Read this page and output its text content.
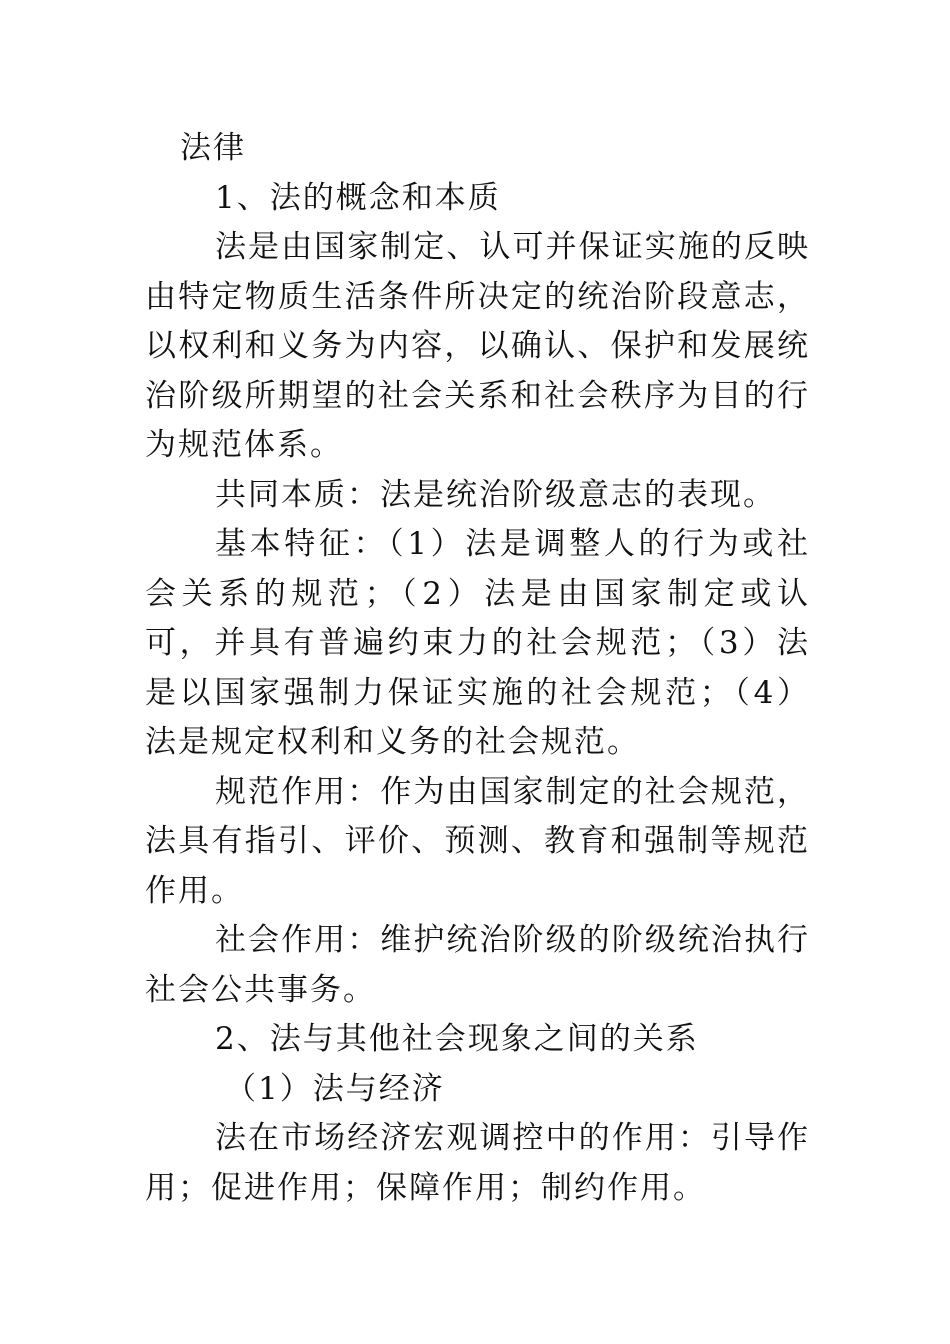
法律

1、法的概念和本质

法是由国家制定、认可并保证实施的反映由特定物质生活条件所决定的统治阶段意志，以权利和义务为内容，以确认、保护和发展统治阶级所期望的社会关系和社会秩序为目的行为规范体系。

共同本质：法是统治阶级意志的表现。

基本特征：（1）法是调整人的行为或社会关系的规范；（2）法是由国家制定或认可，并具有普遍约束力的社会规范；（3）法是以国家强制力保证实施的社会规范；（4）法是规定权利和义务的社会规范。

规范作用：作为由国家制定的社会规范，法具有指引、评价、预测、教育和强制等规范作用。

社会作用：维护统治阶级的阶级统治执行社会公共事务。

2、法与其他社会现象之间的关系

（1）法与经济

法在市场经济宏观调控中的作用：引导作用；促进作用；保障作用；制约作用。
